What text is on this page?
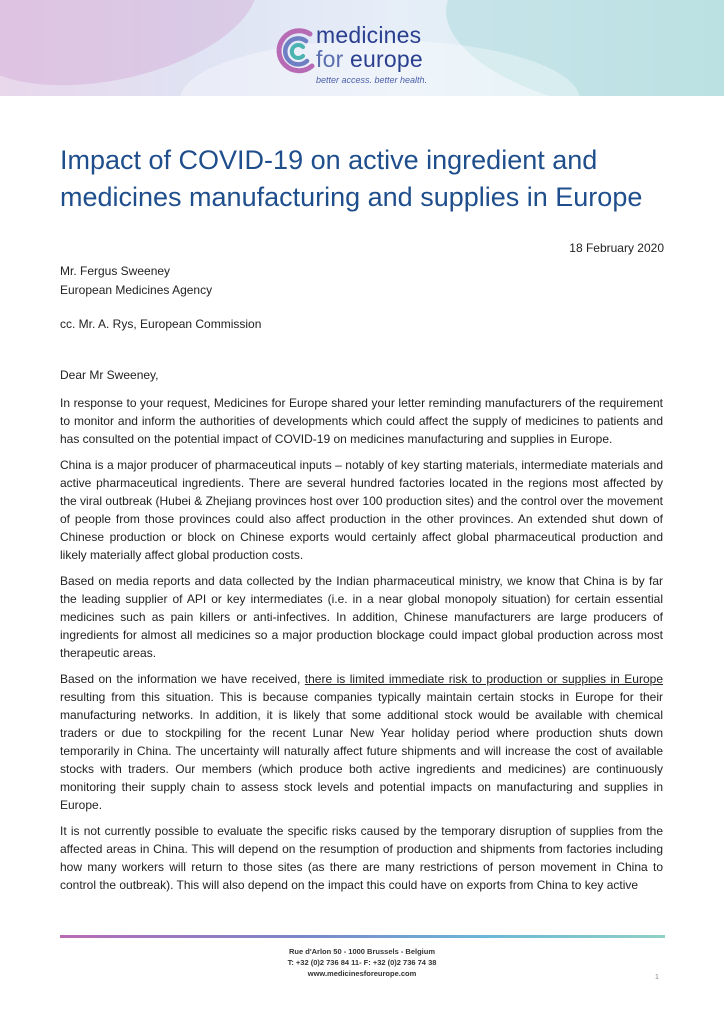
medicines
for europe
better access. better health.
Impact of COVID-19 on active ingredient and medicines manufacturing and supplies in Europe
18 February 2020
Mr. Fergus Sweeney
European Medicines Agency
cc. Mr. A. Rys, European Commission

Dear Mr Sweeney,

In response to your request, Medicines for Europe shared your letter reminding manufacturers of the requirement to monitor and inform the authorities of developments which could affect the supply of medicines to patients and has consulted on the potential impact of COVID-19 on medicines manufacturing and supplies in Europe.

China is a major producer of pharmaceutical inputs – notably of key starting materials, intermediate materials and active pharmaceutical ingredients. There are several hundred factories located in the regions most affected by the viral outbreak (Hubei & Zhejiang provinces host over 100 production sites) and the control over the movement of people from those provinces could also affect production in the other provinces. An extended shut down of Chinese production or block on Chinese exports would certainly affect global pharmaceutical production and likely materially affect global production costs.

Based on media reports and data collected by the Indian pharmaceutical ministry, we know that China is by far the leading supplier of API or key intermediates (i.e. in a near global monopoly situation) for certain essential medicines such as pain killers or anti-infectives. In addition, Chinese manufacturers are large producers of ingredients for almost all medicines so a major production blockage could impact global production across most therapeutic areas.

Based on the information we have received, there is limited immediate risk to production or supplies in Europe resulting from this situation. This is because companies typically maintain certain stocks in Europe for their manufacturing networks. In addition, it is likely that some additional stock would be available with chemical traders or due to stockpiling for the recent Lunar New Year holiday period where production shuts down temporarily in China. The uncertainty will naturally affect future shipments and will increase the cost of available stocks with traders. Our members (which produce both active ingredients and medicines) are continuously monitoring their supply chain to assess stock levels and potential impacts on manufacturing and supplies in Europe.

It is not currently possible to evaluate the specific risks caused by the temporary disruption of supplies from the affected areas in China. This will depend on the resumption of production and shipments from factories including how many workers will return to those sites (as there are many restrictions of person movement in China to control the outbreak). This will also depend on the impact this could have on exports from China to key active

Rue d'Arlon 50 - 1000 Brussels - Belgium
T: +32 (0)2 736 84 11- F: +32 (0)2 736 74 38
www.medicinesforeurope.com	1
